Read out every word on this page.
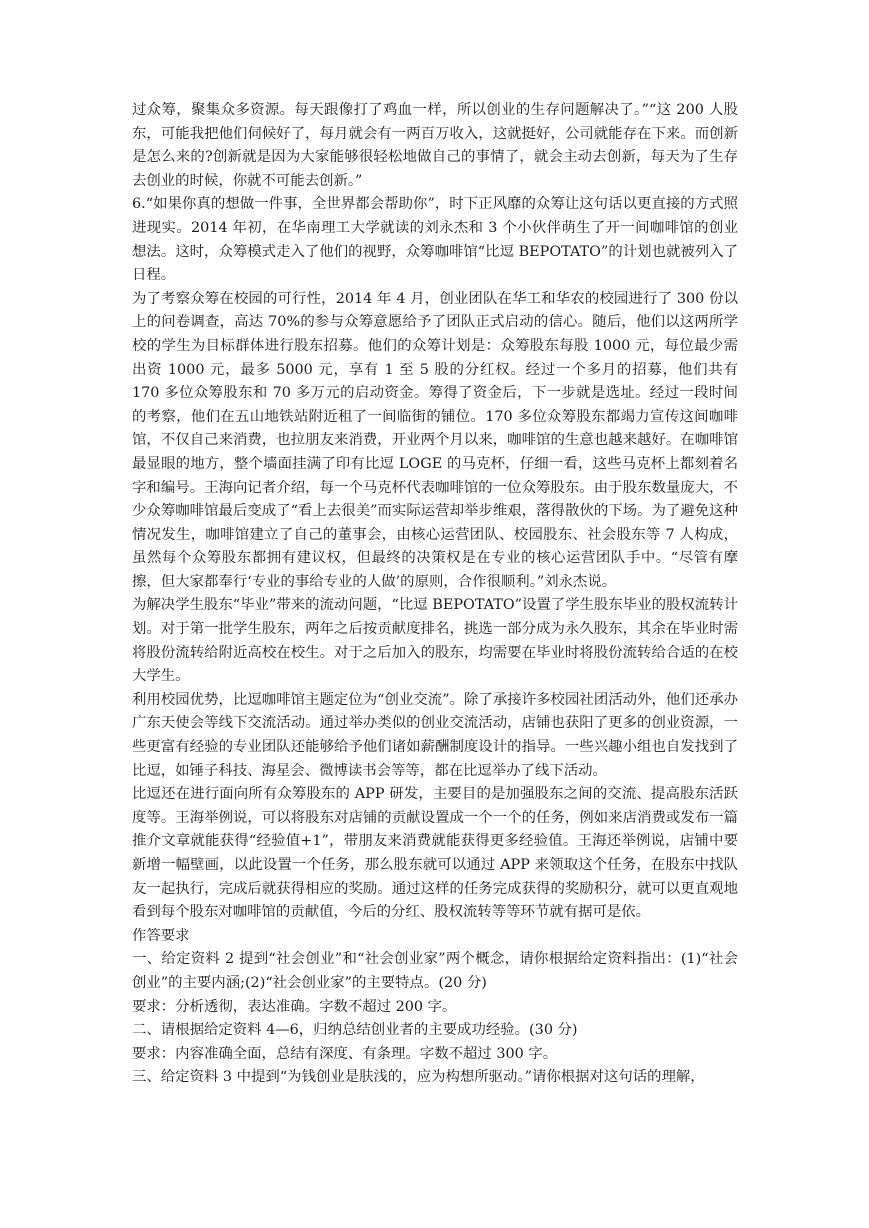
过众筹，聚集众多资源。每天跟像打了鸡血一样，所以创业的生存问题解决了。”“这 200 人股东，可能我把他们伺候好了，每月就会有一两百万收入，这就挺好，公司就能存在下来。而创新是怎么来的?创新就是因为大家能够很轻松地做自己的事情了，就会主动去创新，每天为了生存去创业的时候，你就不可能去创新。”

6.“如果你真的想做一件事，全世界都会帮助你”，时下正风靡的众筹让这句话以更直接的方式照进现实。2014 年初，在华南理工大学就读的刘永杰和 3 个小伙伴萌生了开一间咖啡馆的创业想法。这时，众筹模式走入了他们的视野，众筹咖啡馆“比逗 BEPOTATO”的计划也就被列入了日程。

为了考察众筹在校园的可行性，2014 年 4 月，创业团队在华工和华农的校园进行了 300 份以上的问卷调查，高达 70%的参与众筹意愿给予了团队正式启动的信心。随后，他们以这两所学校的学生为目标群体进行股东招募。他们的众筹计划是：众筹股东每股 1000 元，每位最少需出资 1000 元，最多 5000 元，享有 1 至 5 股的分红权。经过一个多月的招募，他们共有 170 多位众筹股东和 70 多万元的启动资金。筹得了资金后，下一步就是选址。经过一段时间的考察，他们在五山地铁站附近租了一间临街的铺位。170 多位众筹股东都竭力宣传这间咖啡馆，不仅自己来消费，也拉朋友来消费，开业两个月以来，咖啡馆的生意也越来越好。在咖啡馆最显眼的地方，整个墙面挂满了印有比逗 LOGE 的马克杯，仔细一看，这些马克杯上都刻着名字和编号。王海向记者介绍，每一个马克杯代表咖啡馆的一位众筹股东。由于股东数量庞大，不少众筹咖啡馆最后变成了“看上去很美”而实际运营却举步维艰，落得散伙的下场。为了避免这种情况发生，咖啡馆建立了自己的董事会，由核心运营团队、校园股东、社会股东等 7 人构成，虽然每个众筹股东都拥有建议权，但最终的决策权是在专业的核心运营团队手中。“尽管有摩擦，但大家都奉行‘专业的事给专业的人做’的原则，合作很顺利。”刘永杰说。

为解决学生股东“毕业”带来的流动问题，“比逗 BEPOTATO”设置了学生股东毕业的股权流转计划。对于第一批学生股东，两年之后按贡献度排名，挑选一部分成为永久股东，其余在毕业时需将股份流转给附近高校在校生。对于之后加入的股东，均需要在毕业时将股份流转给合适的在校大学生。

利用校园优势，比逗咖啡馆主题定位为“创业交流”。除了承接许多校园社团活动外，他们还承办广东天使会等线下交流活动。通过举办类似的创业交流活动，店铺也获阳了更多的创业资源，一些更富有经验的专业团队还能够给予他们诸如薪酬制度设计的指导。一些兴趣小组也自发找到了比逗，如锤子科技、海星会、微博读书会等等，都在比逗举办了线下活动。

比逗还在进行面向所有众筹股东的 APP 研发，主要目的是加强股东之间的交流、提高股东活跃度等。王海举例说，可以将股东对店铺的贡献设置成一个一个的任务，例如来店消费或发布一篇推介文章就能获得“经验值+1”，带朋友来消费就能获得更多经验值。王海还举例说，店铺中要新增一幅壁画，以此设置一个任务，那么股东就可以通过 APP 来领取这个任务，在股东中找队友一起执行，完成后就获得相应的奖励。通过这样的任务完成获得的奖励积分，就可以更直观地看到每个股东对咖啡馆的贡献值，今后的分红、股权流转等等环节就有据可是依。

作答要求

一、给定资料 2 提到“社会创业”和“社会创业家”两个概念，请你根据给定资料指出：(1)“社会创业”的主要内涵;(2)“社会创业家”的主要特点。(20 分)

要求：分析透彻，表达准确。字数不超过 200 字。

二、请根据给定资料 4—6，归纳总结创业者的主要成功经验。(30 分)

要求：内容准确全面，总结有深度、有条理。字数不超过 300 字。

三、给定资料 3 中提到“为钱创业是肤浅的，应为构想所驱动。”请你根据对这句话的理解，
